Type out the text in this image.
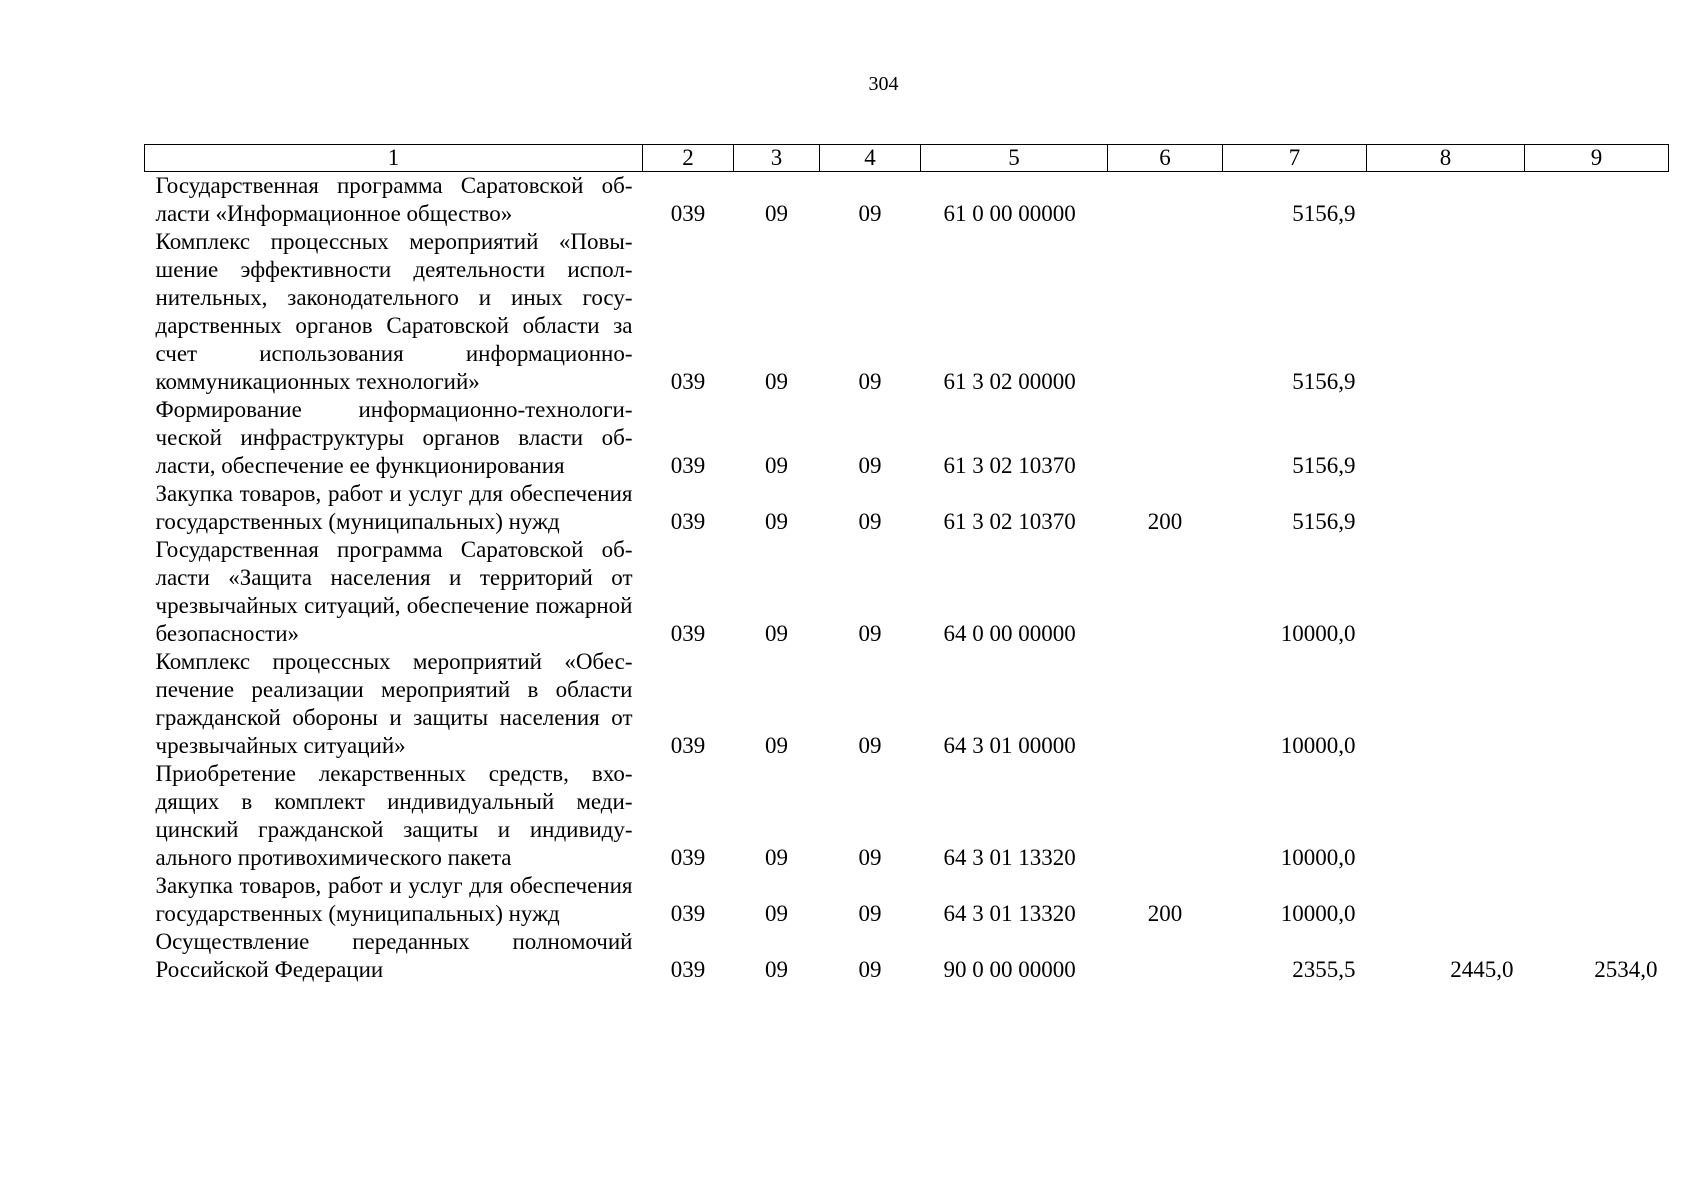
304
1	2	3	4	5	6	7	8	9
Государственная программа Саратовской области «Информационное общество»	039	09	09	61 0 00 00000		5156,9		
Комплекс процессных мероприятий «Повышение эффективности деятельности исполнительных, законодательного и иных государственных органов Саратовской области за счет использования информационно-коммуникационных технологий»	039	09	09	61 3 02 00000		5156,9		
Формирование информационно-технологической инфраструктуры органов власти области, обеспечение ее функционирования	039	09	09	61 3 02 10370		5156,9		
Закупка товаров, работ и услуг для обеспечения государственных (муниципальных) нужд	039	09	09	61 3 02 10370	200	5156,9		
Государственная программа Саратовской области «Защита населения и территорий от чрезвычайных ситуаций, обеспечение пожарной безопасности»	039	09	09	64 0 00 00000		10000,0		
Комплекс процессных мероприятий «Обеспечение реализации мероприятий в области гражданской обороны и защиты населения от чрезвычайных ситуаций»	039	09	09	64 3 01 00000		10000,0		
Приобретение лекарственных средств, входящих в комплект индивидуальный медицинский гражданской защиты и индивидуального противохимического пакета	039	09	09	64 3 01 13320		10000,0		
Закупка товаров, работ и услуг для обеспечения государственных (муниципальных) нужд	039	09	09	64 3 01 13320	200	10000,0		
Осуществление переданных полномочий Российской Федерации	039	09	09	90 0 00 00000		2355,5	2445,0	2534,0
